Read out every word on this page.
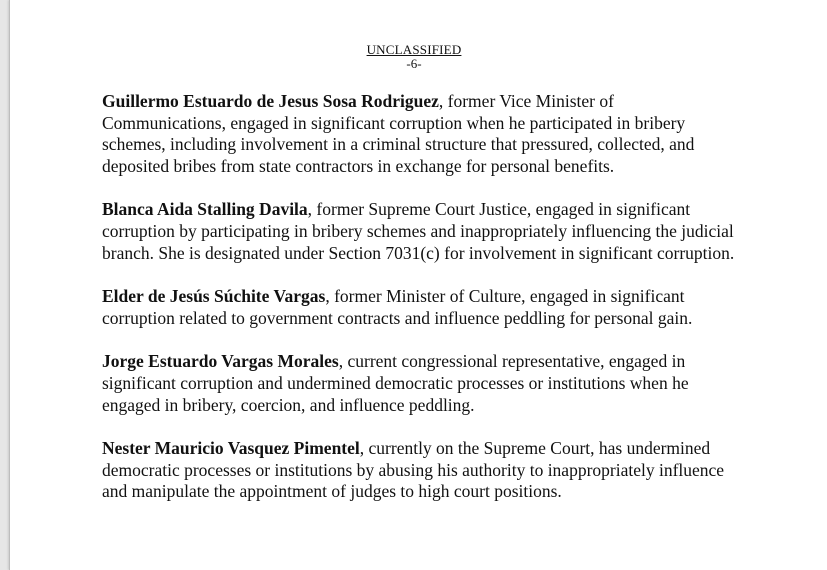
UNCLASSIFIED
-6-

Guillermo Estuardo de Jesus Sosa Rodriguez, former Vice Minister of Communications, engaged in significant corruption when he participated in bribery schemes, including involvement in a criminal structure that pressured, collected, and deposited bribes from state contractors in exchange for personal benefits.

Blanca Aida Stalling Davila, former Supreme Court Justice, engaged in significant corruption by participating in bribery schemes and inappropriately influencing the judicial branch. She is designated under Section 7031(c) for involvement in significant corruption.

Elder de Jesús Súchite Vargas, former Minister of Culture, engaged in significant corruption related to government contracts and influence peddling for personal gain.

Jorge Estuardo Vargas Morales, current congressional representative, engaged in significant corruption and undermined democratic processes or institutions when he engaged in bribery, coercion, and influence peddling.

Nester Mauricio Vasquez Pimentel, currently on the Supreme Court, has undermined democratic processes or institutions by abusing his authority to inappropriately influence and manipulate the appointment of judges to high court positions.
